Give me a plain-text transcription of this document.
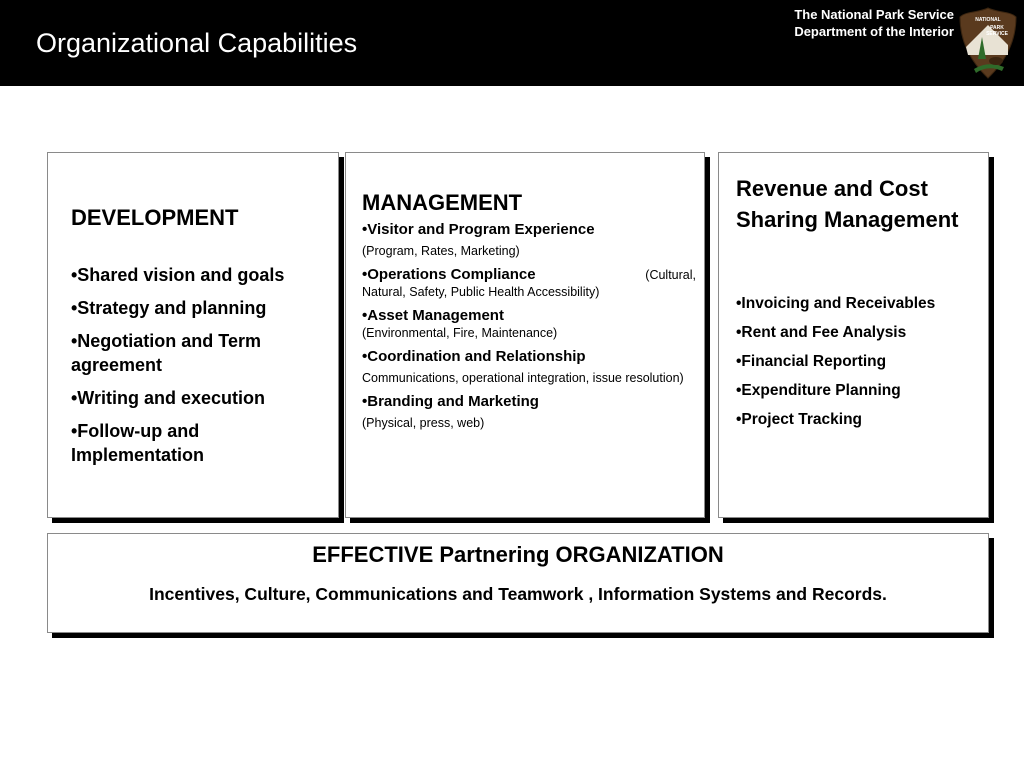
Organizational Capabilities
The National Park Service
Department of the Interior
NATIONAL
PARK
SERVICE
DEVELOPMENT
•Shared vision and goals
•Strategy and planning
•Negotiation and Term agreement
•Writing and execution
•Follow-up and Implementation
MANAGEMENT
•Visitor and Program Experience
(Program, Rates, Marketing)
(Cultural,
•Operations Compliance
Natural, Safety, Public Health Accessibility)
•Asset Management
(Environmental, Fire, Maintenance)
•Coordination and Relationship
Communications, operational integration, issue resolution)
•Branding and Marketing
(Physical, press, web)
Revenue and Cost Sharing Management
•Invoicing and Receivables
•Rent and Fee Analysis
•Financial Reporting
•Expenditure Planning
•Project Tracking
EFFECTIVE Partnering ORGANIZATION

Incentives, Culture, Communications and Teamwork , Information Systems and Records.
